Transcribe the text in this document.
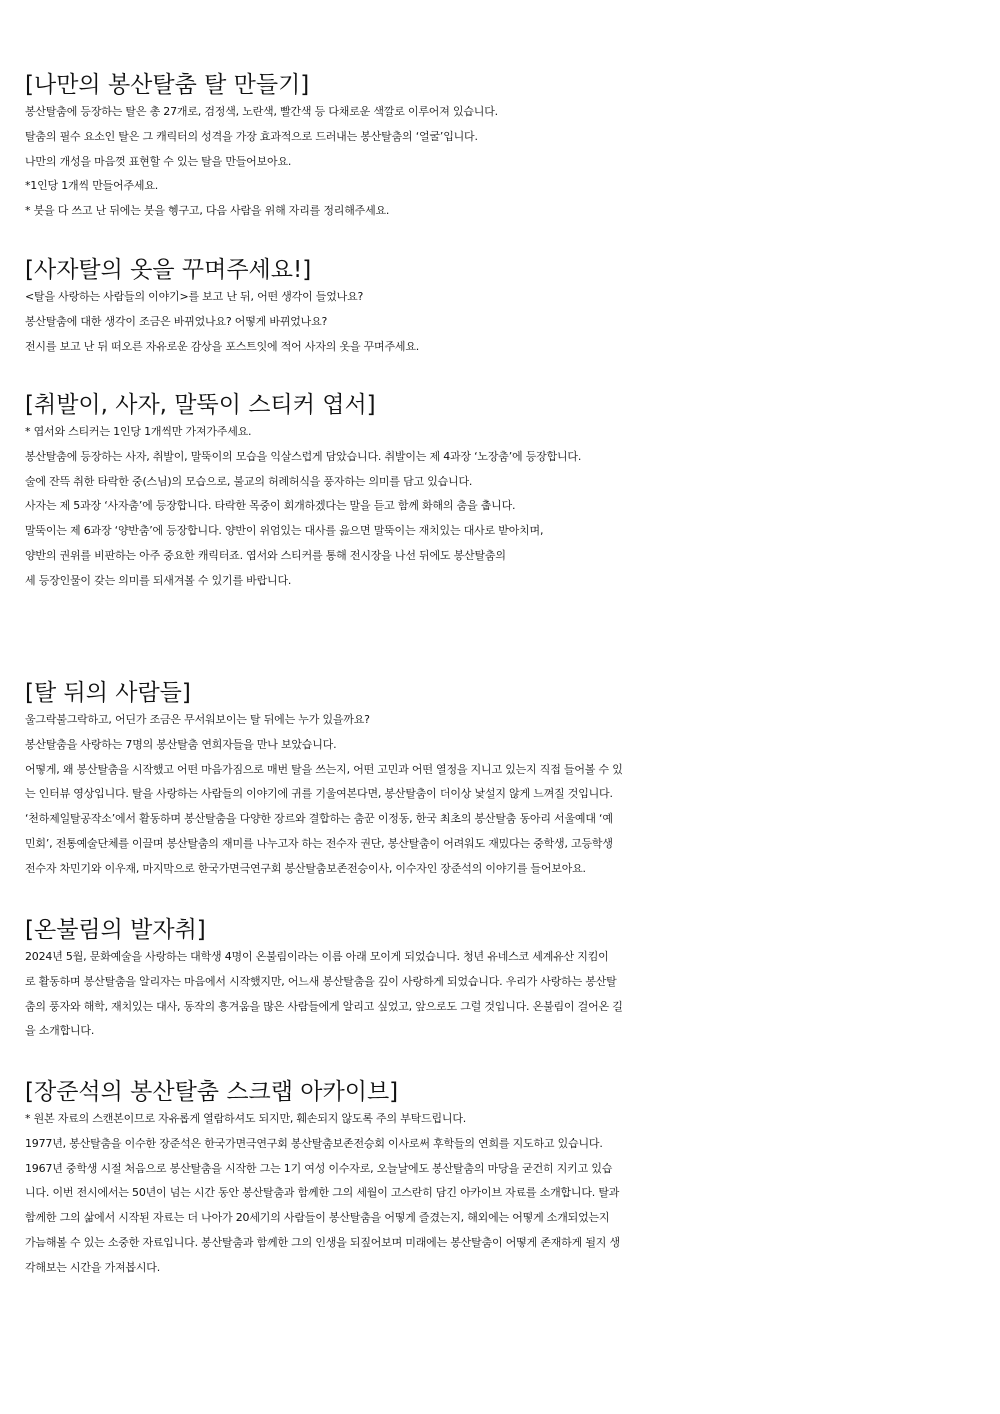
[나만의 봉산탈춤 탈 만들기]
봉산탈춤에 등장하는 탈은 총 27개로, 검정색, 노란색, 빨간색 등 다채로운 색깔로 이루어져 있습니다.
탈춤의 필수 요소인 탈은 그 캐릭터의 성격을 가장 효과적으로 드러내는 봉산탈춤의 ‘얼굴’입니다.
나만의 개성을 마음껏 표현할 수 있는 탈을 만들어보아요.
*1인당 1개씩 만들어주세요.
* 붓을 다 쓰고 난 뒤에는 붓을 헹구고, 다음 사람을 위해 자리를 정리해주세요.
[사자탈의 옷을 꾸며주세요!]
<탈을 사랑하는 사람들의 이야기>를 보고 난 뒤, 어떤 생각이 들었나요?
봉산탈춤에 대한 생각이 조금은 바뀌었나요? 어떻게 바뀌었나요?
전시를 보고 난 뒤 떠오른 자유로운 감상을 포스트잇에 적어 사자의 옷을 꾸며주세요.
[취발이, 사자, 말뚝이 스티커 엽서]
* 엽서와 스티커는 1인당 1개씩만 가져가주세요.
봉산탈춤에 등장하는 사자, 취발이, 말뚝이의 모습을 익살스럽게 담았습니다. 취발이는 제 4과장 ‘노장춤’에 등장합니다.
술에 잔뜩 취한 타락한 중(스님)의 모습으로, 불교의 허례허식을 풍자하는 의미를 담고 있습니다.
사자는 제 5과장 ‘사자춤’에 등장합니다. 타락한 목중이 회개하겠다는 말을 듣고 함께 화해의 춤을 춥니다.
말뚝이는 제 6과장 ‘양반춤’에 등장합니다. 양반이 위엄있는 대사를 읊으면 말뚝이는 재치있는 대사로 받아치며,
양반의 권위를 비판하는 아주 중요한 캐릭터죠. 엽서와 스티커를 통해 전시장을 나선 뒤에도 봉산탈춤의
세 등장인물이 갖는 의미를 되새겨볼 수 있기를 바랍니다.
[탈 뒤의 사람들]
울그락불그락하고, 어딘가 조금은 무서워보이는 탈 뒤에는 누가 있을까요?
봉산탈춤을 사랑하는 7명의 봉산탈춤 연희자들을 만나 보았습니다.
어떻게, 왜 봉산탈춤을 시작했고 어떤 마음가짐으로 매번 탈을 쓰는지, 어떤 고민과 어떤 열정을 지니고 있는지 직접 들어볼 수 있
는 인터뷰 영상입니다. 탈을 사랑하는 사람들의 이야기에 귀를 기울여본다면, 봉산탈춤이 더이상 낯설지 않게 느껴질 것입니다.
‘천하제일탈공작소’에서 활동하며 봉산탈춤을 다양한 장르와 결합하는 춤꾼 이정동, 한국 최초의 봉산탈춤 동아리 서울예대 ‘예
민회’, 전통예술단체를 이끌며 봉산탈춤의 재미를 나누고자 하는 전수자 권단, 봉산탈춤이 어려워도 재밌다는 중학생, 고등학생
전수자 차민기와 이우재, 마지막으로 한국가면극연구회 봉산탈춤보존전승이사, 이수자인 장준석의 이야기를 들어보아요.
[온불림의 발자취]
2024년 5월, 문화예술을 사랑하는 대학생 4명이 온불림이라는 이름 아래 모이게 되었습니다. 청년 유네스코 세계유산 지킴이
로 활동하며 봉산탈춤을 알리자는 마음에서 시작했지만, 어느새 봉산탈춤을 깊이 사랑하게 되었습니다. 우리가 사랑하는 봉산탈
춤의 풍자와 해학, 재치있는 대사, 동작의 흥겨움을 많은 사람들에게 알리고 싶었고, 앞으로도 그럴 것입니다. 온불림이 걸어온 길
을 소개합니다.
[장준석의 봉산탈춤 스크랩 아카이브]
* 원본 자료의 스캔본이므로 자유롭게 열람하셔도 되지만, 훼손되지 않도록 주의 부탁드립니다.
1977년, 봉산탈춤을 이수한 장준석은 한국가면극연구회 봉산탈춤보존전승회 이사로써 후학들의 연희를 지도하고 있습니다.
1967년 중학생 시절 처음으로 봉산탈춤을 시작한 그는 1기 여성 이수자로, 오늘날에도 봉산탈춤의 마당을 굳건히 지키고 있습
니다. 이번 전시에서는 50년이 넘는 시간 동안 봉산탈춤과 함께한 그의 세월이 고스란히 담긴 아카이브 자료를 소개합니다. 탈과
함께한 그의 삶에서 시작된 자료는 더 나아가 20세기의 사람들이 봉산탈춤을 어떻게 즐겼는지, 해외에는 어떻게 소개되었는지
가늠해볼 수 있는 소중한 자료입니다. 봉산탈춤과 함께한 그의 인생을 되짚어보며 미래에는 봉산탈춤이 어떻게 존재하게 될지 생
각해보는 시간을 가져봅시다.
